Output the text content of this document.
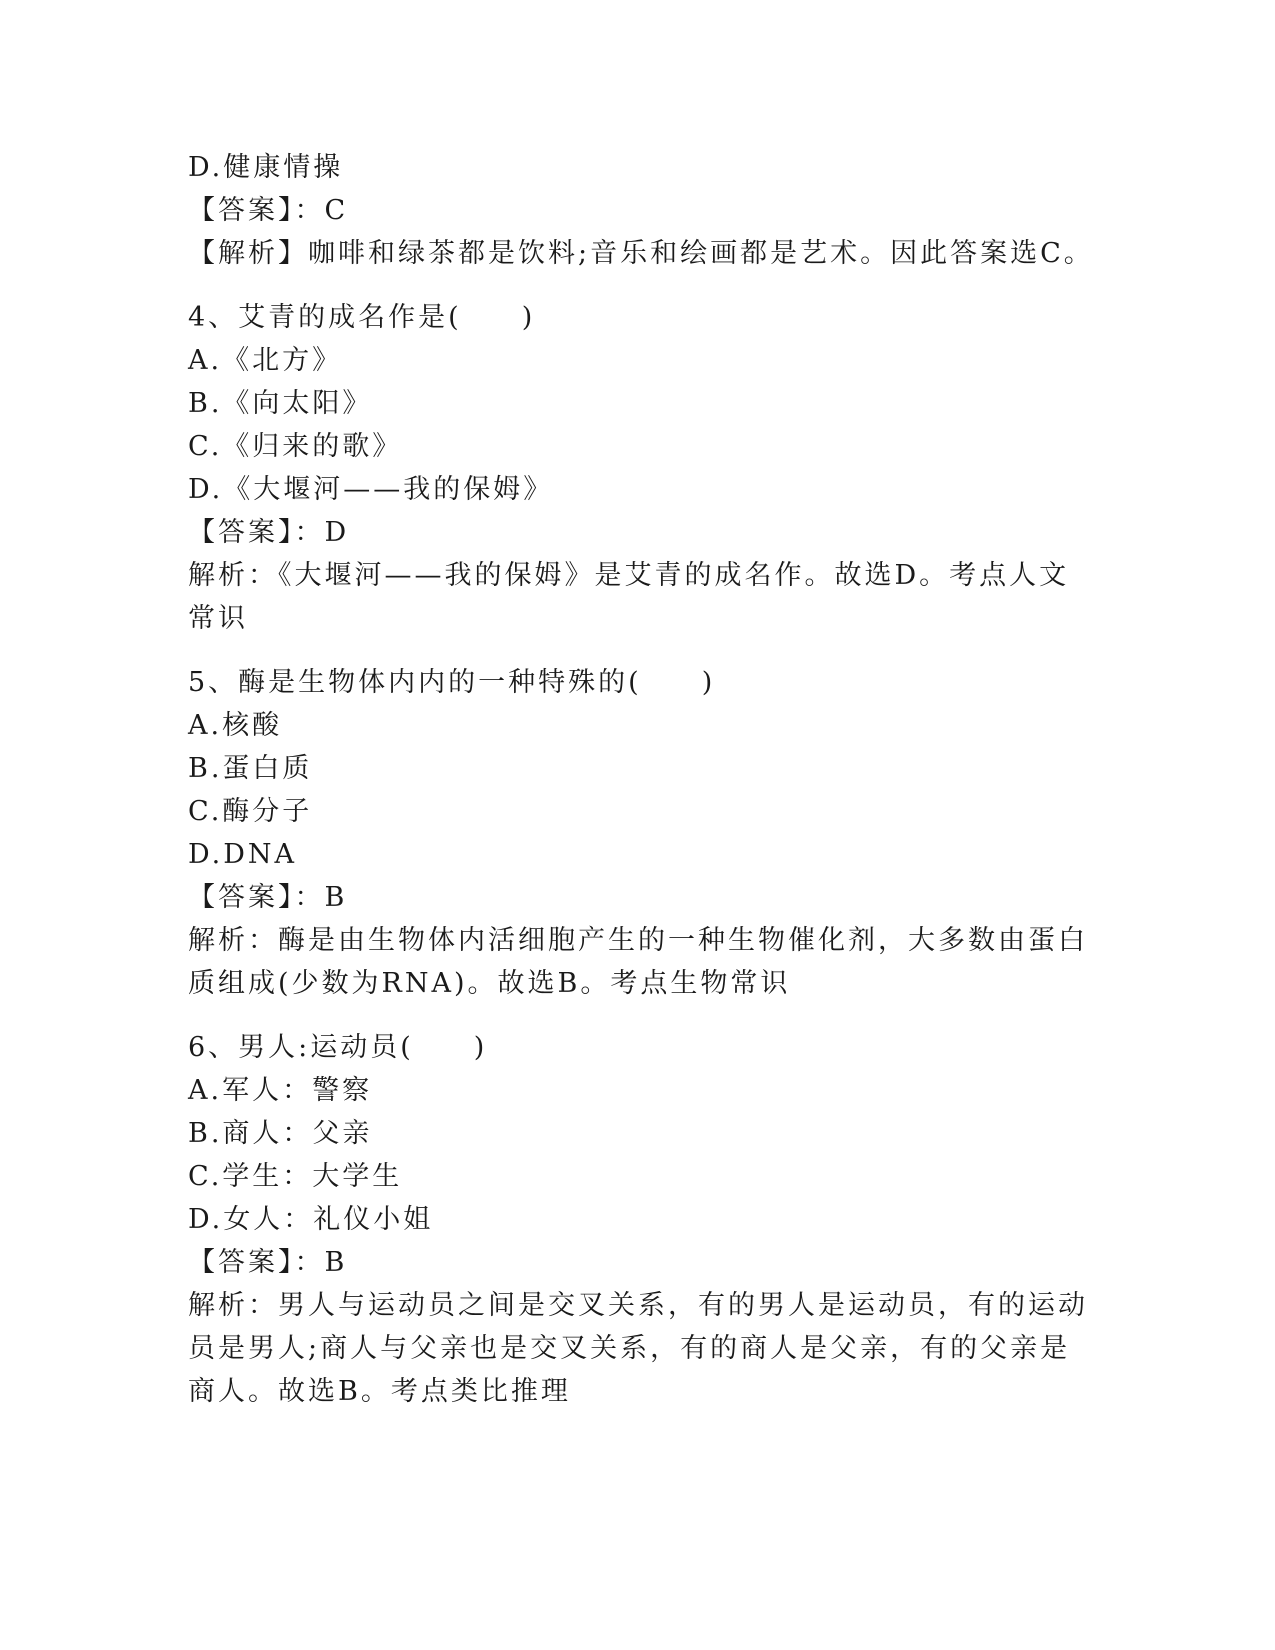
D.健康情操
【答案】：C
【解析】咖啡和绿茶都是饮料;音乐和绘画都是艺术。因此答案选C。
4、艾青的成名作是(　　)
A.《北方》
B.《向太阳》
C.《归来的歌》
D.《大堰河——我的保姆》
【答案】：D
解析：《大堰河——我的保姆》是艾青的成名作。故选D。考点人文常识
5、酶是生物体内内的一种特殊的(　　)
A.核酸
B.蛋白质
C.酶分子
D.DNA
【答案】：B
解析：酶是由生物体内活细胞产生的一种生物催化剂，大多数由蛋白质组成(少数为RNA)。故选B。考点生物常识
6、男人:运动员(　　)
A.军人：警察
B.商人：父亲
C.学生：大学生
D.女人：礼仪小姐
【答案】：B
解析：男人与运动员之间是交叉关系，有的男人是运动员，有的运动员是男人;商人与父亲也是交叉关系，有的商人是父亲，有的父亲是商人。故选B。考点类比推理
